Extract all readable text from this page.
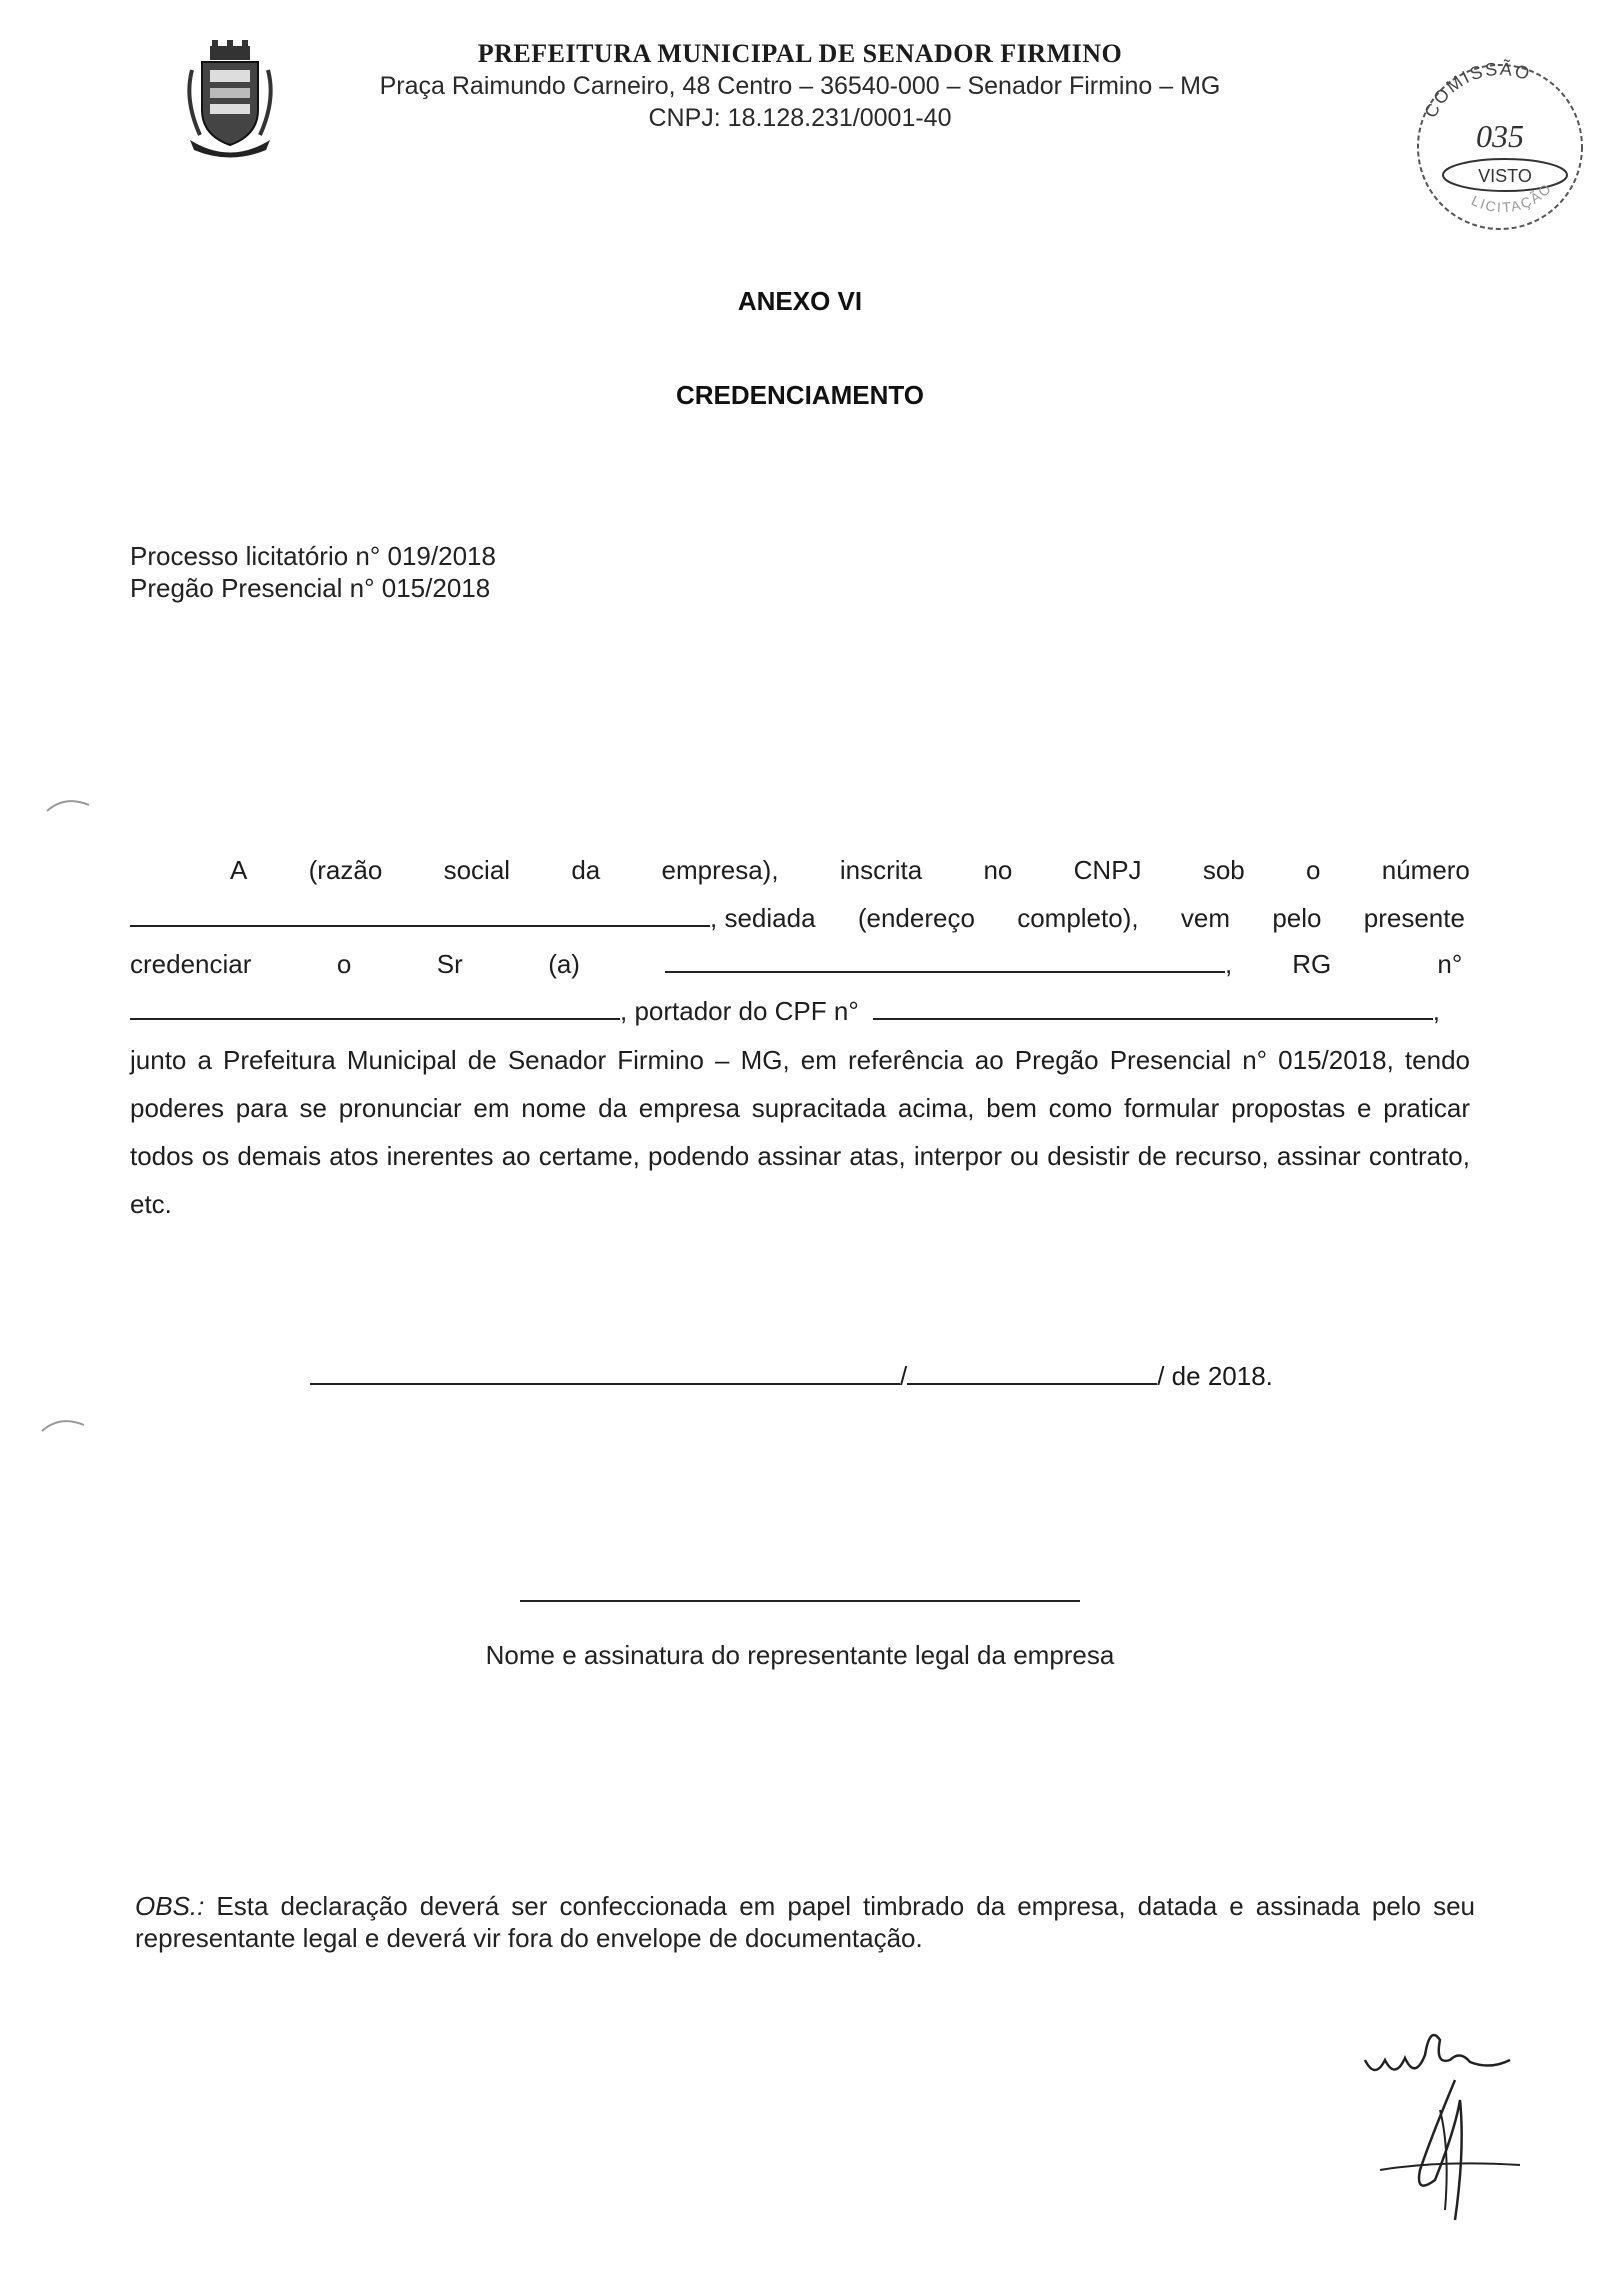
PREFEITURA MUNICIPAL DE SENADOR FIRMINO
Praça Raimundo Carneiro, 48 Centro – 36540-000 – Senador Firmino – MG
CNPJ: 18.128.231/0001-40	COMISSÃO
035
VISTO
LICITAÇÃO
ANEXO VI
CREDENCIAMENTO
Processo licitatório n° 019/2018
Pregão Presencial n° 015/2018
A (razão social da empresa), inscrita no CNPJ sob o número
, sediada (endereço completo), vem pelo presente
credenciar	o	Sr	(a)	, RG	n°
, portador do CPF n°	,
junto a Prefeitura Municipal de Senador Firmino – MG, em referência ao Pregão Presencial n° 015/2018, tendo poderes para se pronunciar em nome da empresa supracitada acima, bem como formular propostas e praticar todos os demais atos inerentes ao certame, podendo assinar atas, interpor ou desistir de recurso, assinar contrato, etc.
/	/ de 2018.
Nome e assinatura do representante legal da empresa
OBS.: Esta declaração deverá ser confeccionada em papel timbrado da empresa, datada e assinada pelo seu representante legal e deverá vir fora do envelope de documentação.
